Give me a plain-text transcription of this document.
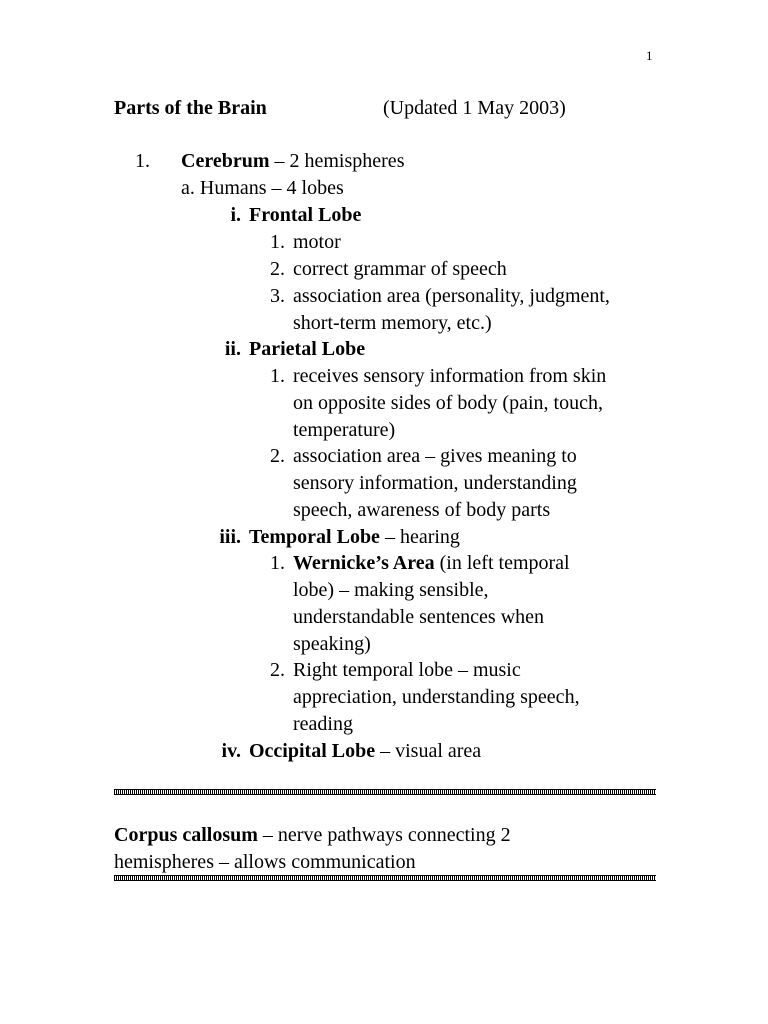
1
Parts of the Brain	(Updated 1 May 2003)
1. Cerebrum – 2 hemispheres
a. Humans – 4 lobes
i. Frontal Lobe
1. motor
2. correct grammar of speech
3. association area (personality, judgment,
short-term memory, etc.)
ii. Parietal Lobe
1. receives sensory information from skin
on opposite sides of body (pain, touch,
temperature)
2. association area – gives meaning to
sensory information, understanding
speech, awareness of body parts
iii. Temporal Lobe – hearing
1. Wernicke’s Area (in left temporal
lobe) – making sensible,
understandable sentences when
speaking)
2. Right temporal lobe – music
appreciation, understanding speech,
reading
iv. Occipital Lobe – visual area
Corpus callosum – nerve pathways connecting 2
hemispheres – allows communication
